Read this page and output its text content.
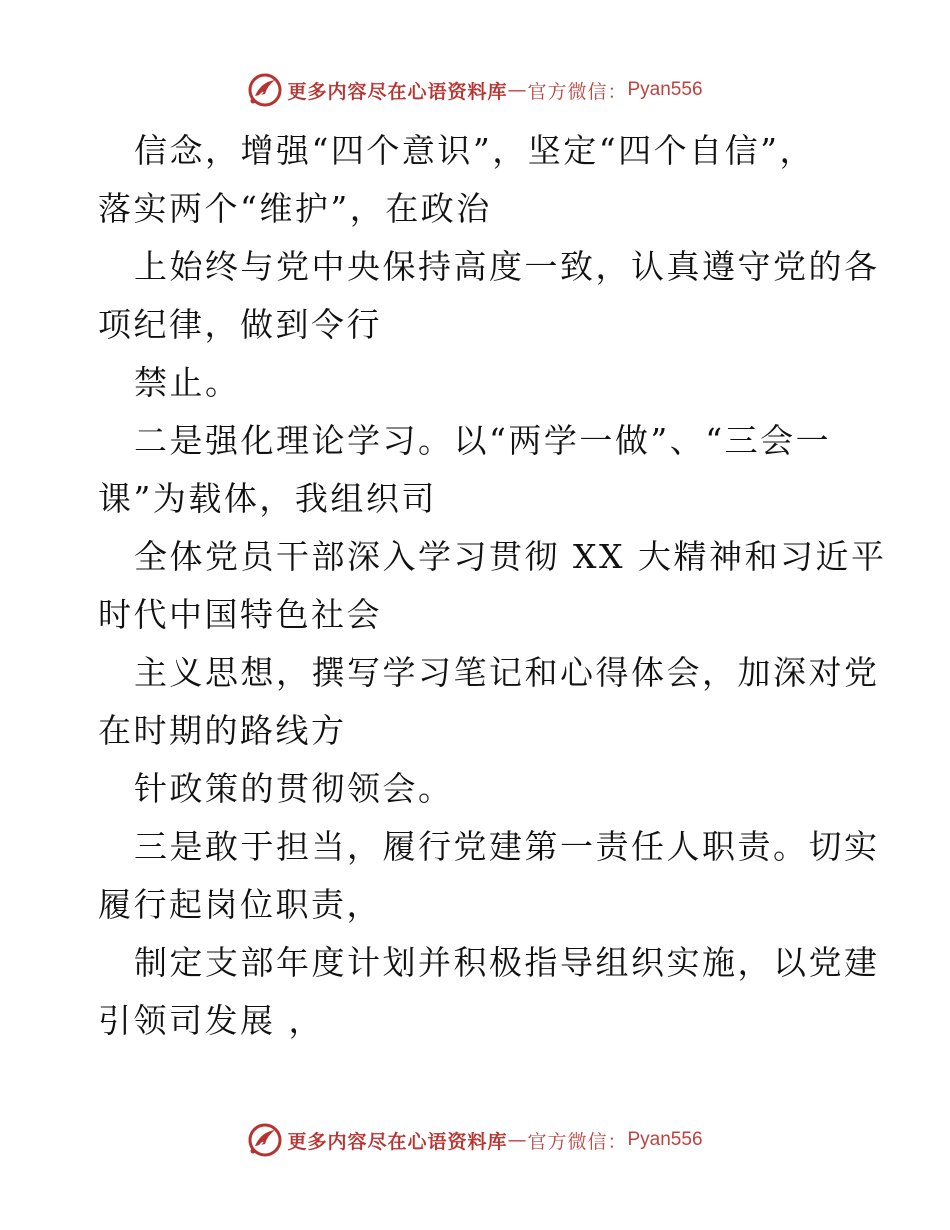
更多内容尽在心语资料库 — 官方微信： Pyan556

信念，增强“四个意识”，坚定“四个自信”，
落实两个“维护”，在政治

上始终与党中央保持高度一致，认真遵守党的各
项纪律，做到令行

禁止。

二是强化理论学习。以“两学一做”、“三会一
课”为载体，我组织司

全体党员干部深入学习贯彻 XX 大精神和习近平
时代中国特色社会

主义思想，撰写学习笔记和心得体会，加深对党
在时期的路线方

针政策的贯彻领会。

三是敢于担当，履行党建第一责任人职责。切实
履行起岗位职责，

制定支部年度计划并积极指导组织实施，以党建
引领司发展 ，

更多内容尽在心语资料库 — 官方微信： Pyan556
